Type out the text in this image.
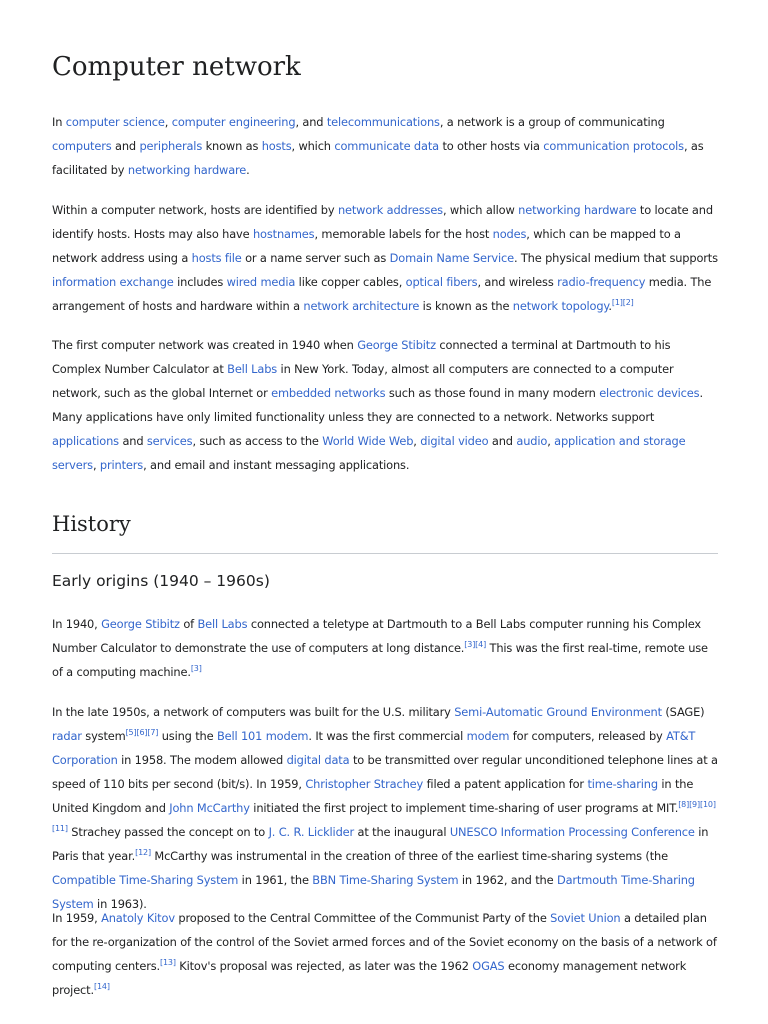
Computer network

In computer science, computer engineering, and telecommunications, a network is a group of communicating computers and peripherals known as hosts, which communicate data to other hosts via communication protocols, as facilitated by networking hardware.

Within a computer network, hosts are identified by network addresses, which allow networking hardware to locate and identify hosts. Hosts may also have hostnames, memorable labels for the host nodes, which can be mapped to a network address using a hosts file or a name server such as Domain Name Service. The physical medium that supports information exchange includes wired media like copper cables, optical fibers, and wireless radio-frequency media. The arrangement of hosts and hardware within a network architecture is known as the network topology.[1][2]

The first computer network was created in 1940 when George Stibitz connected a terminal at Dartmouth to his Complex Number Calculator at Bell Labs in New York. Today, almost all computers are connected to a computer network, such as the global Internet or embedded networks such as those found in many modern electronic devices. Many applications have only limited functionality unless they are connected to a network. Networks support applications and services, such as access to the World Wide Web, digital video and audio, application and storage servers, printers, and email and instant messaging applications.

History
Early origins (1940 – 1960s)

In 1940, George Stibitz of Bell Labs connected a teletype at Dartmouth to a Bell Labs computer running his Complex Number Calculator to demonstrate the use of computers at long distance.[3][4] This was the first real-time, remote use of a computing machine.[3]

In the late 1950s, a network of computers was built for the U.S. military Semi-Automatic Ground Environment (SAGE) radar system[5][6][7] using the Bell 101 modem. It was the first commercial modem for computers, released by AT&T Corporation in 1958. The modem allowed digital data to be transmitted over regular unconditioned telephone lines at a speed of 110 bits per second (bit/s). In 1959, Christopher Strachey filed a patent application for time-sharing in the United Kingdom and John McCarthy initiated the first project to implement time-sharing of user programs at MIT.[8][9][10][11] Strachey passed the concept on to J. C. R. Licklider at the inaugural UNESCO Information Processing Conference in Paris that year.[12] McCarthy was instrumental in the creation of three of the earliest time-sharing systems (the Compatible Time-Sharing System in 1961, the BBN Time-Sharing System in 1962, and the Dartmouth Time-Sharing System in 1963).

In 1959, Anatoly Kitov proposed to the Central Committee of the Communist Party of the Soviet Union a detailed plan for the re-organization of the control of the Soviet armed forces and of the Soviet economy on the basis of a network of computing centers.[13] Kitov's proposal was rejected, as later was the 1962 OGAS economy management network project.[14]
